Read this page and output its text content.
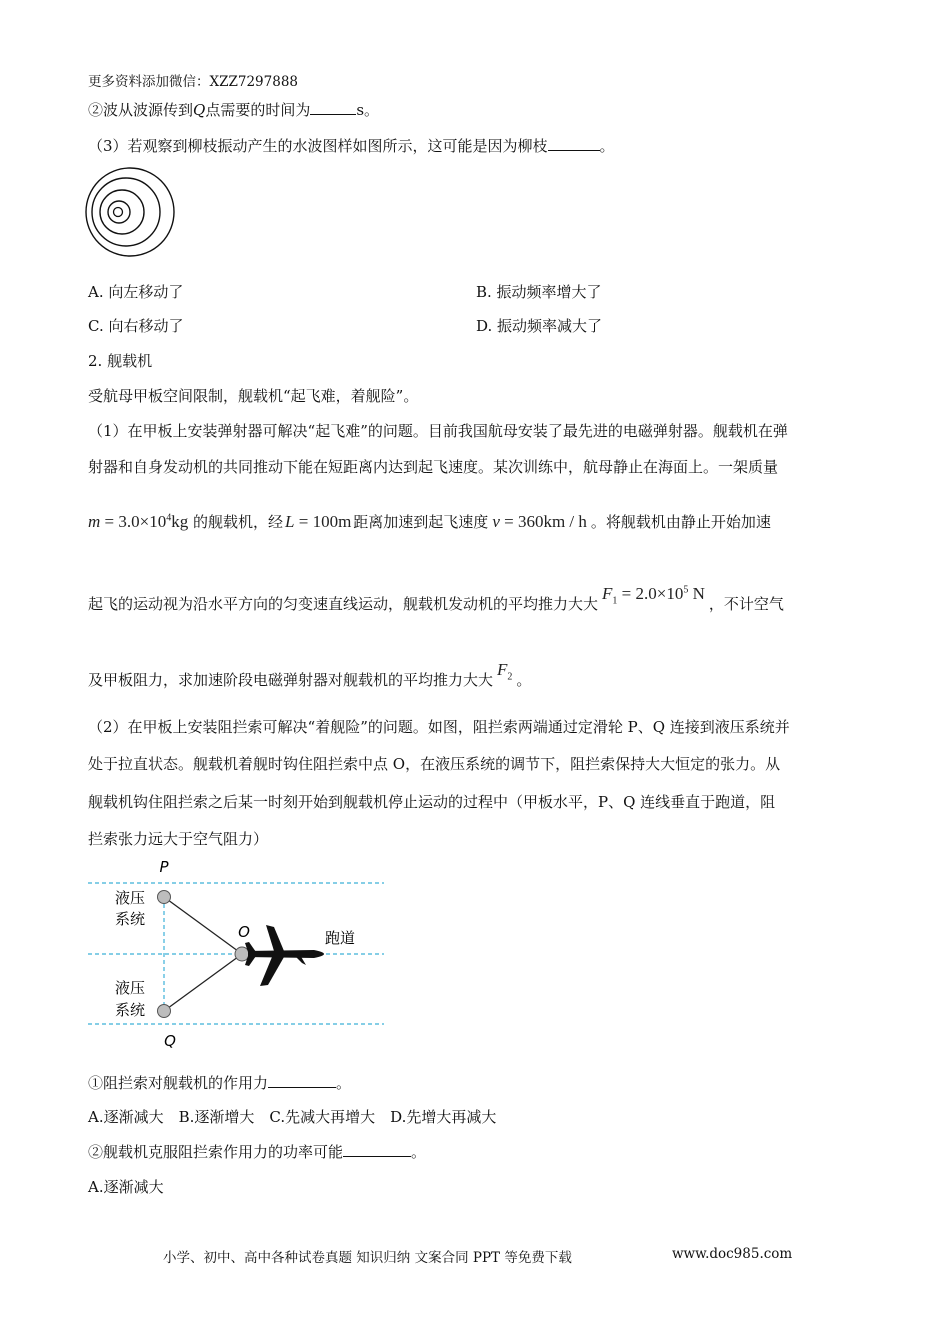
更多资料添加微信：XZZ7297888
②波从波源传到Q点需要的时间为	s。
（3）若观察到柳枝振动产生的水波图样如图所示，这可能是因为柳枝	。
A. 向左移动了	B. 振动频率增大了
C. 向右移动了	D. 振动频率减大了
2. 舰载机
受航母甲板空间限制，舰载机“起飞难，着舰险”。
（1）在甲板上安装弹射器可解决“起飞难”的问题。目前我国航母安装了最先进的电磁弹射器。舰载机在弹
射器和自身发动机的共同推动下能在短距离内达到起飞速度。某次训练中，航母静止在海面上。一架质量
$m = 3.0\times 10^4kg$ 的舰载机，经 L = 100m 距离加速到起飞速度 v = 360km / h 。将舰载机由静止开始加速
起飞的运动视为沿水平方向的匀变速直线运动，舰载机发动机的平均推力大大$F_1 = 2.0\times 10^5$ N，不计空气
及甲板阻力，求加速阶段电磁弹射器对舰载机的平均推力大大$F_2$ 。
（2）在甲板上安装阻拦索可解决“着舰险”的问题。如图，阻拦索两端通过定滑轮 P、Q 连接到液压系统并
处于拉直状态。舰载机着舰时钩住阻拦索中点 O，在液压系统的调节下，阻拦索保持大大恒定的张力。从
舰载机钩住阻拦索之后某一时刻开始到舰载机停止运动的过程中（甲板水平，P、Q 连线垂直于跑道，阻
拦索张力远大于空气阻力）
P
Q
O
液压
系统
液压
系统
跑道
①阻拦索对舰载机的作用力	。
A.逐渐减大　B.逐渐增大　C.先减大再增大　D.先增大再减大
②舰载机克服阻拦索作用力的功率可能	。
A.逐渐减大
小学、初中、高中各种试卷真题 知识归纳 文案合同 PPT 等免费下载	www.doc985.com
